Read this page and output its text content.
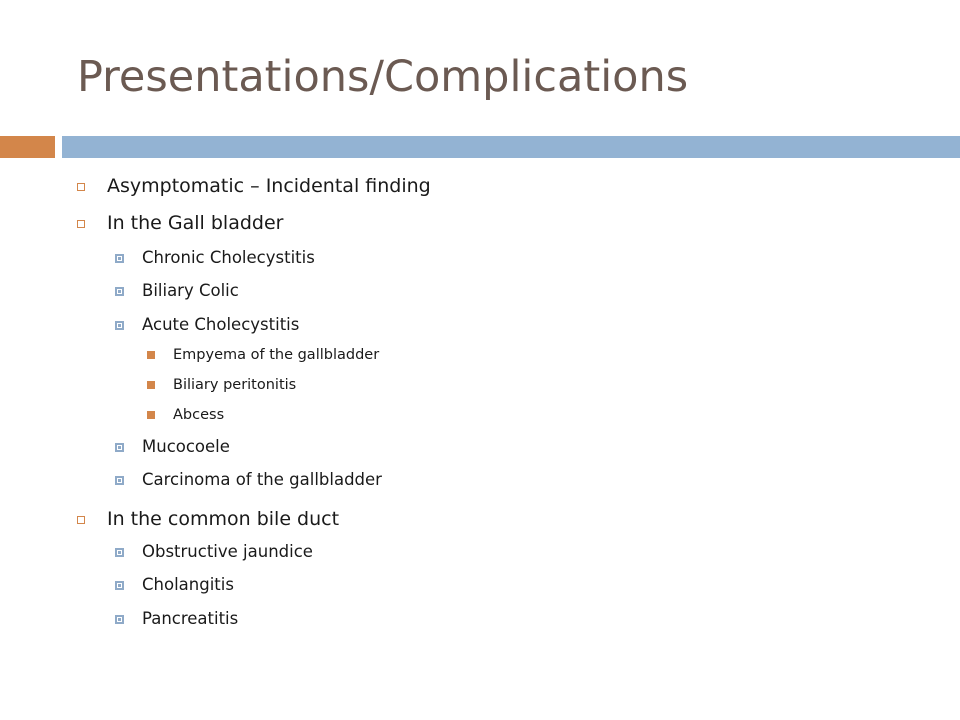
Presentations/Complications
Asymptomatic – Incidental finding
In the Gall bladder
Chronic Cholecystitis
Biliary Colic
Acute Cholecystitis
Empyema of the gallbladder
Biliary peritonitis
Abcess
Mucocoele
Carcinoma of the gallbladder
In the common bile duct
Obstructive jaundice
Cholangitis
Pancreatitis
